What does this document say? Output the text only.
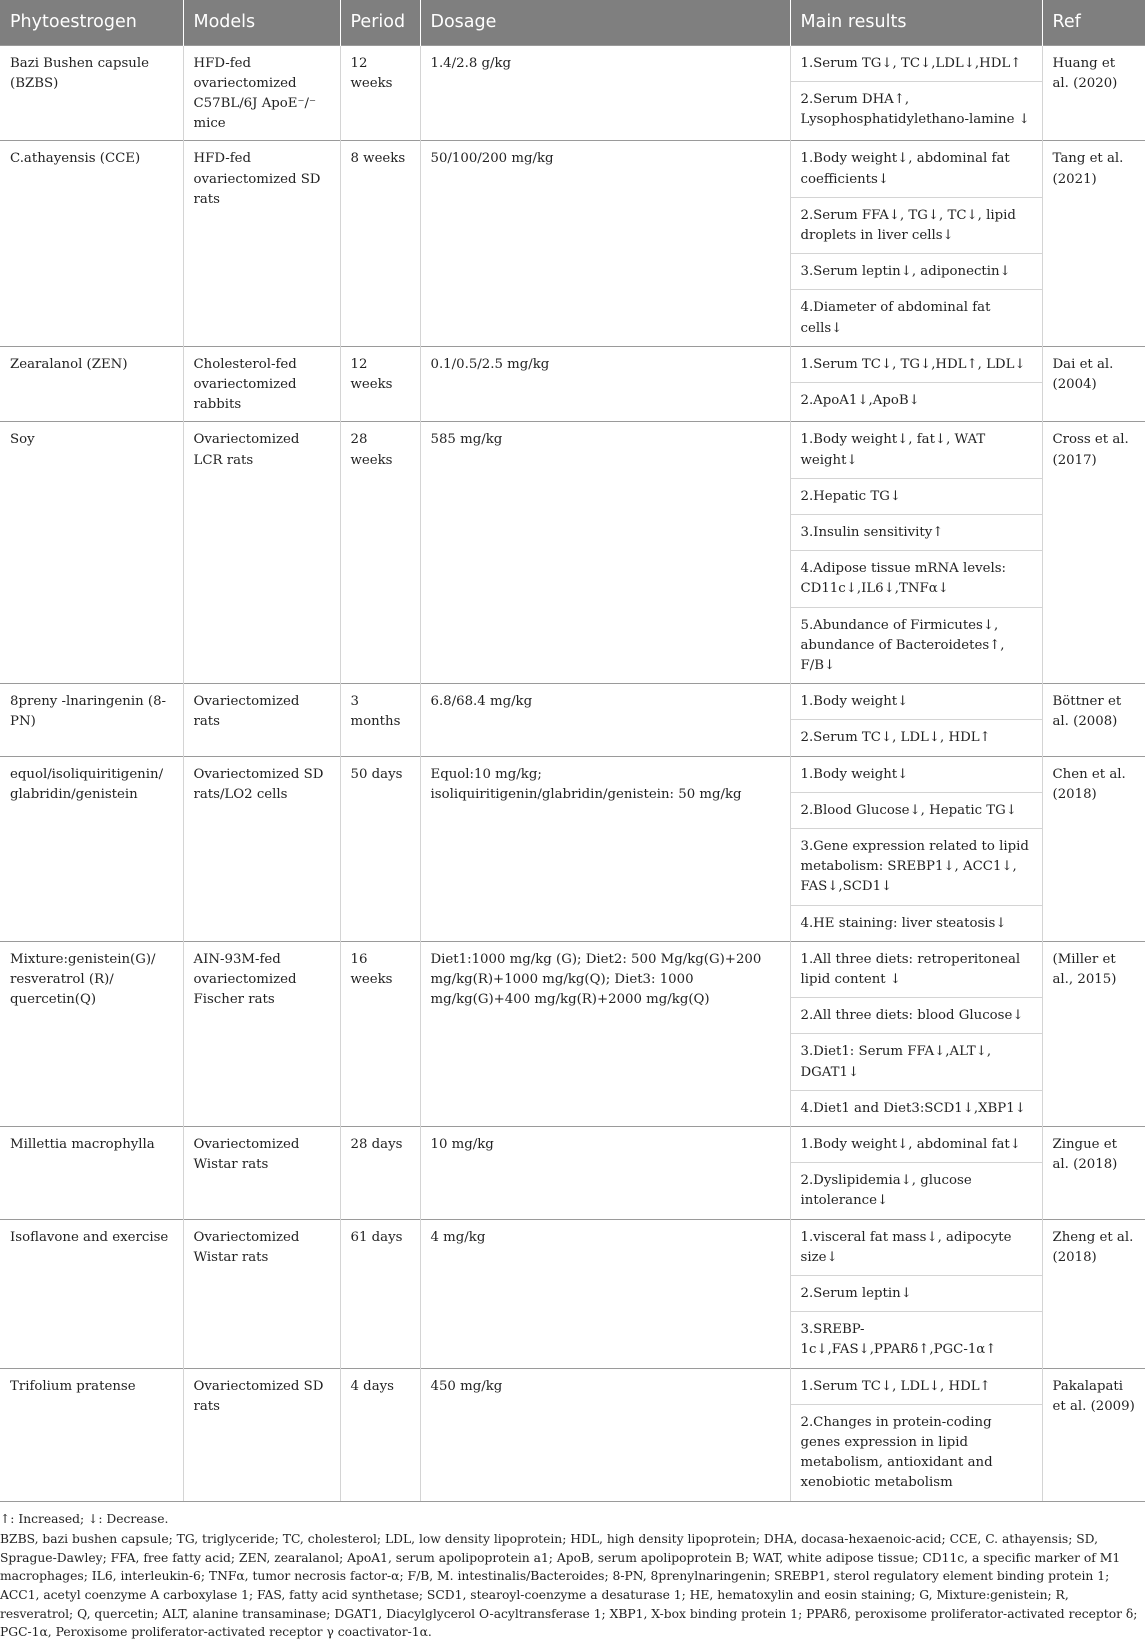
Phytoestrogen	Models	Period	Dosage	Main results	Ref
Bazi Bushen capsule (BZBS)	HFD-fed ovariectomized C57BL/6J ApoE⁻/⁻ mice	12 weeks	1.4/2.8 g/kg	1.Serum TG↓, TC↓,LDL↓,HDL↑
2.Serum DHA↑, Lysophosphatidylethano-lamine ↓	Huang et al. (2020)
C.athayensis (CCE)	HFD-fed ovariectomized SD rats	8 weeks	50/100/200 mg/kg	1.Body weight↓, abdominal fat coefficients↓
2.Serum FFA↓, TG↓, TC↓, lipid droplets in liver cells↓
3.Serum leptin↓, adiponectin↓
4.Diameter of abdominal fat cells↓	Tang et al. (2021)
Zearalanol (ZEN)	Cholesterol-fed ovariectomized rabbits	12 weeks	0.1/0.5/2.5 mg/kg	1.Serum TC↓, TG↓,HDL↑, LDL↓
2.ApoA1↓,ApoB↓	Dai et al. (2004)
Soy	Ovariectomized LCR rats	28 weeks	585 mg/kg	1.Body weight↓, fat↓, WAT weight↓
2.Hepatic TG↓
3.Insulin sensitivity↑
4.Adipose tissue mRNA levels: CD11c↓,IL6↓,TNFα↓
5.Abundance of Firmicutes↓, abundance of Bacteroidetes↑, F/B↓	Cross et al. (2017)
8preny -lnaringenin (8-PN)	Ovariectomized rats	3 months	6.8/68.4 mg/kg	1.Body weight↓
2.Serum TC↓, LDL↓, HDL↑	Böttner et al. (2008)
equol/isoliquiritigenin/ glabridin/genistein	Ovariectomized SD rats/LO2 cells	50 days	Equol:10 mg/kg; isoliquiritigenin/glabridin/genistein: 50 mg/kg	1.Body weight↓
2.Blood Glucose↓, Hepatic TG↓
3.Gene expression related to lipid metabolism: SREBP1↓, ACC1↓, FAS↓,SCD1↓
4.HE staining: liver steatosis↓	Chen et al. (2018)
Mixture:genistein(G)/ resveratrol (R)/ quercetin(Q)	AIN-93M-fed ovariectomized Fischer rats	16 weeks	Diet1:1000 mg/kg (G); Diet2: 500 Mg/kg(G)+200 mg/kg(R)+1000 mg/kg(Q); Diet3: 1000 mg/kg(G)+400 mg/kg(R)+2000 mg/kg(Q)	1.All three diets: retroperitoneal lipid content ↓
2.All three diets: blood Glucose↓
3.Diet1: Serum FFA↓,ALT↓, DGAT1↓
4.Diet1 and Diet3:SCD1↓,XBP1↓	(Miller et al., 2015)
Millettia macrophylla	Ovariectomized Wistar rats	28 days	10 mg/kg	1.Body weight↓, abdominal fat↓
2.Dyslipidemia↓, glucose intolerance↓	Zingue et al. (2018)
Isoflavone and exercise	Ovariectomized Wistar rats	61 days	4 mg/kg	1.visceral fat mass↓, adipocyte size↓
2.Serum leptin↓
3.SREBP-1c↓,FAS↓,PPARδ↑,PGC-1α↑	Zheng et al. (2018)
Trifolium pratense	Ovariectomized SD rats	4 days	450 mg/kg	1.Serum TC↓, LDL↓, HDL↑
2.Changes in protein-coding genes expression in lipid metabolism, antioxidant and xenobiotic metabolism	Pakalapati et al. (2009)

↑: Increased; ↓: Decrease.

BZBS, bazi bushen capsule; TG, triglyceride; TC, cholesterol; LDL, low density lipoprotein; HDL, high density lipoprotein; DHA, docasa-hexaenoic-acid; CCE, C. athayensis; SD, Sprague-Dawley; FFA, free fatty acid; ZEN, zearalanol; ApoA1, serum apolipoprotein a1; ApoB, serum apolipoprotein B; WAT, white adipose tissue; CD11c, a specific marker of M1 macrophages; IL6, interleukin-6; TNFα, tumor necrosis factor-α; F/B, M. intestinalis/Bacteroides; 8-PN, 8prenylnaringenin; SREBP1, sterol regulatory element binding protein 1; ACC1, acetyl coenzyme A carboxylase 1; FAS, fatty acid synthetase; SCD1, stearoyl-coenzyme a desaturase 1; HE, hematoxylin and eosin staining; G, Mixture:genistein; R, resveratrol; Q, quercetin; ALT, alanine transaminase; DGAT1, Diacylglycerol O-acyltransferase 1; XBP1, X-box binding protein 1; PPARδ, peroxisome proliferator-activated receptor δ; PGC-1α, Peroxisome proliferator-activated receptor γ coactivator-1α.
